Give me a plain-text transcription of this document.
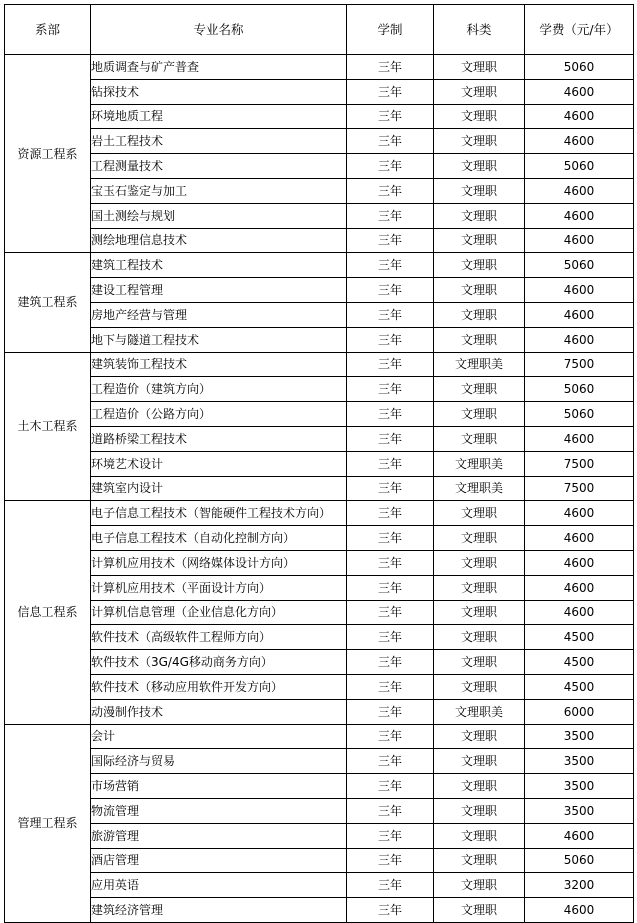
系部	专业名称	学制	科类	学费（元/年）
资源工程系	地质调查与矿产普查	三年	文理职	5060
	钻探技术	三年	文理职	4600
	环境地质工程	三年	文理职	4600
	岩土工程技术	三年	文理职	4600
	工程测量技术	三年	文理职	5060
	宝玉石鉴定与加工	三年	文理职	4600
	国土测绘与规划	三年	文理职	4600
	测绘地理信息技术	三年	文理职	4600
建筑工程系	建筑工程技术	三年	文理职	5060
	建设工程管理	三年	文理职	4600
	房地产经营与管理	三年	文理职	4600
	地下与隧道工程技术	三年	文理职	4600
土木工程系	建筑装饰工程技术	三年	文理职美	7500
	工程造价（建筑方向）	三年	文理职	5060
	工程造价（公路方向）	三年	文理职	5060
	道路桥梁工程技术	三年	文理职	4600
	环境艺术设计	三年	文理职美	7500
	建筑室内设计	三年	文理职美	7500
信息工程系	电子信息工程技术（智能硬件工程技术方向）	三年	文理职	4600
	电子信息工程技术（自动化控制方向）	三年	文理职	4600
	计算机应用技术（网络媒体设计方向）	三年	文理职	4600
	计算机应用技术（平面设计方向）	三年	文理职	4600
	计算机信息管理（企业信息化方向）	三年	文理职	4600
	软件技术（高级软件工程师方向）	三年	文理职	4500
	软件技术（3G/4G移动商务方向）	三年	文理职	4500
	软件技术（移动应用软件开发方向）	三年	文理职	4500
	动漫制作技术	三年	文理职美	6000
管理工程系	会计	三年	文理职	3500
	国际经济与贸易	三年	文理职	3500
	市场营销	三年	文理职	3500
	物流管理	三年	文理职	3500
	旅游管理	三年	文理职	4600
	酒店管理	三年	文理职	5060
	应用英语	三年	文理职	3200
	建筑经济管理	三年	文理职	4600
